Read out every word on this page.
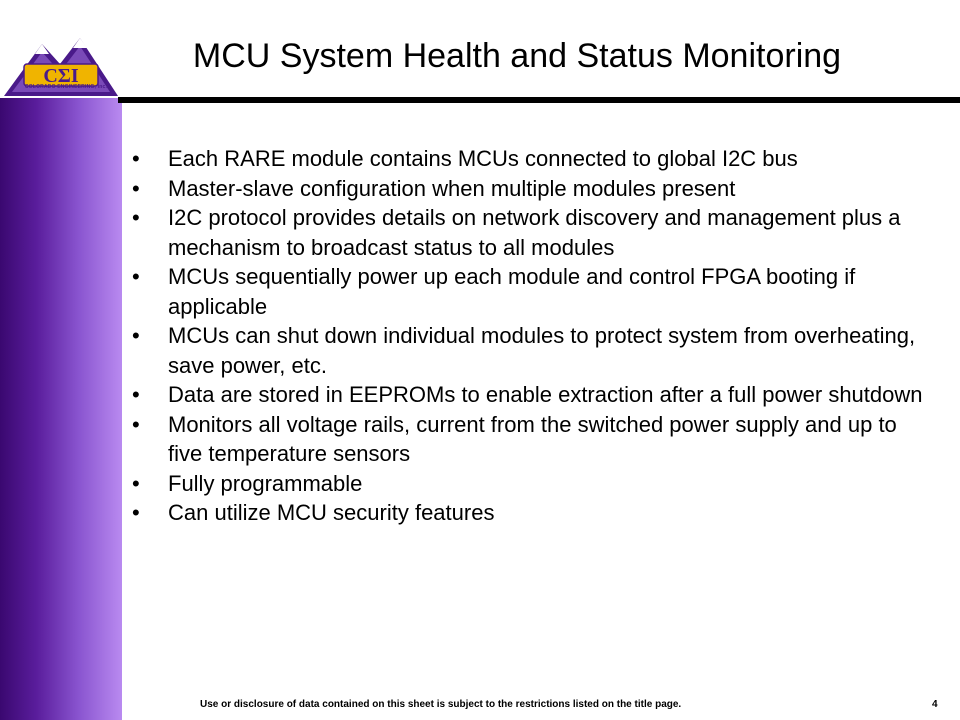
CΣI
COLORADO ENGINEERING, Inc.
MCU System Health and Status Monitoring
• Each RARE module contains MCUs connected to global I2C bus
• Master-slave configuration when multiple modules present
• I2C protocol provides details on network discovery and management plus a mechanism to broadcast status to all modules
• MCUs sequentially power up each module and control FPGA booting if applicable
• MCUs can shut down individual modules to protect system from overheating, save power, etc.
• Data are stored in EEPROMs to enable extraction after a full power shutdown
• Monitors all voltage rails, current from the switched power supply and up to five temperature sensors
• Fully programmable
• Can utilize MCU security features
Use or disclosure of data contained on this sheet is subject to the restrictions listed on the title page.	4
